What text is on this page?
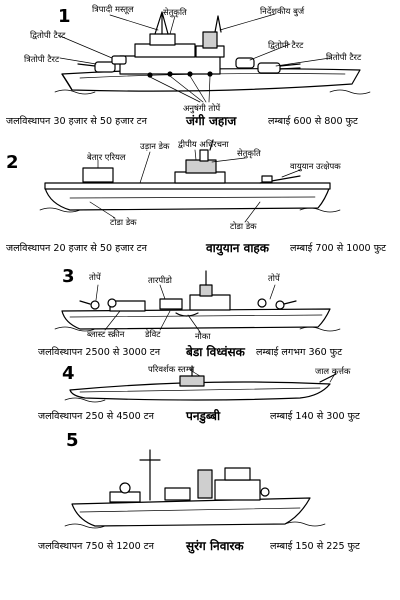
1	त्रिपादी मस्तूल	सेतुकृति	निर्देशकीय बुर्ज
द्वितोपी टैरट
द्वितोपी टैरट
त्रितोपी टैरट	त्रितोपी टैरट
अनुषंगी तोपें
जलविस्थापन 30 हजार से 50 हजार टन	जंगी जहाज	लम्बाई 600 से 800 फुट
2	बेतार एरियल
उड़ान डेक द्वीपीय अधिरचना
सेतुकृति
वायुयान उत्क्षेपक
टोडा डेक	टोडा डेक
जलविस्थापन 20 हजार से 50 हजार टन	वायुयान वाहक लम्बाई 700 से 1000 फुट
3 तोपें	तारपीडो	तोपें
ब्लास्ट स्क्रीन डेविट	नौका
जलविस्थापन 2500 से 3000 टन बेडा विध्वंसक लम्बाई लगभग 360 फुट
4	परिवर्शक स्तम्भ	जाल कर्त्तक
जलविस्थापन 250 से 4500 टन	पनडुब्बी	लम्बाई 140 से 300 फुट
5
जलविस्थापन 750 से 1200 टन	सुरंग निवारक	लम्बाई 150 से 225 फुट
